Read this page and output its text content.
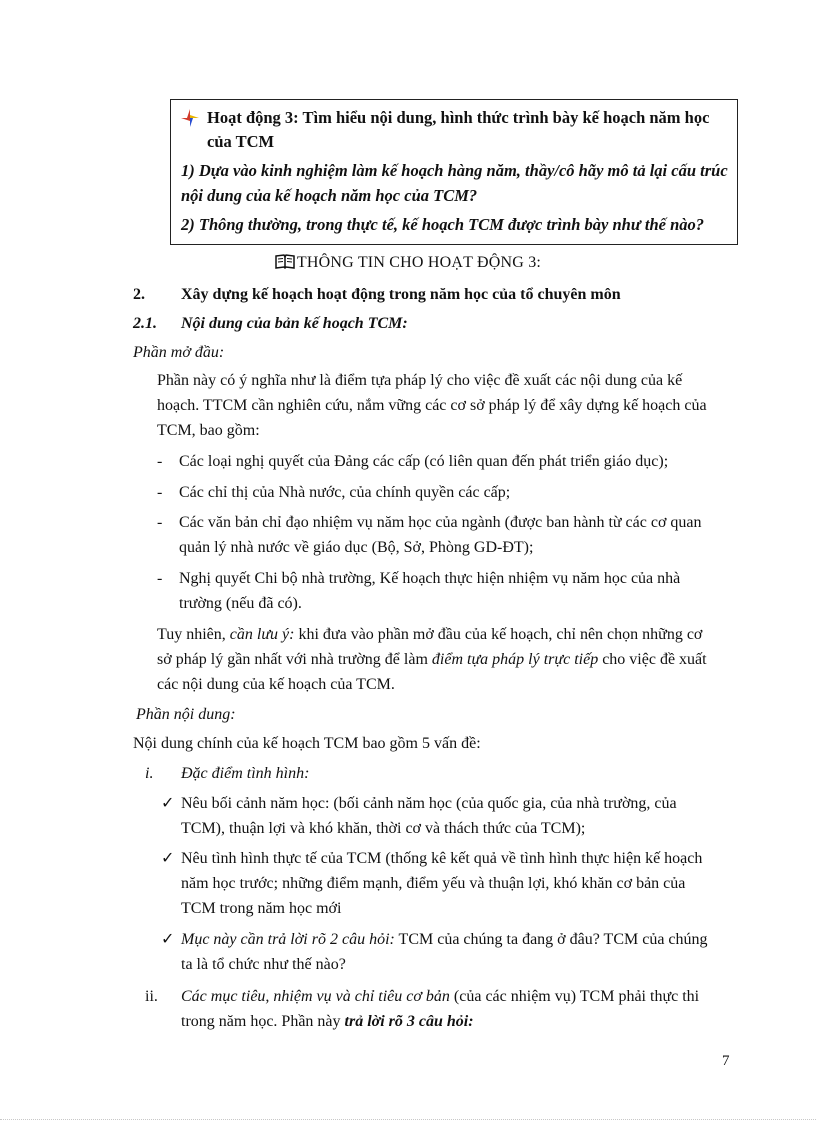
Hoạt động 3: Tìm hiểu nội dung, hình thức trình bày kế hoạch năm học của TCM
1) Dựa vào kinh nghiệm làm kế hoạch hàng năm, thầy/cô hãy mô tả lại cấu trúc nội dung của kế hoạch năm học của TCM?
2) Thông thường, trong thực tế, kế hoạch TCM được trình bày như thế nào?
THÔNG TIN CHO HOẠT ĐỘNG 3:
2. Xây dựng kế hoạch hoạt động trong năm học của tổ chuyên môn
2.1. Nội dung của bản kế hoạch TCM:
Phần mở đầu:
Phần này có ý nghĩa như là điểm tựa pháp lý cho việc đề xuất các nội dung của kế hoạch. TTCM cần nghiên cứu, nắm vững các cơ sở pháp lý để xây dựng kế hoạch của TCM, bao gồm:
- Các loại nghị quyết của Đảng các cấp (có liên quan đến phát triển giáo dục);
- Các chỉ thị của Nhà nước, của chính quyền các cấp;
- Các văn bản chỉ đạo nhiệm vụ năm học của ngành (được ban hành từ các cơ quan quản lý nhà nước về giáo dục (Bộ, Sở, Phòng GD-ĐT);
- Nghị quyết Chi bộ nhà trường, Kế hoạch thực hiện nhiệm vụ năm học của nhà trường (nếu đã có).
Tuy nhiên, cần lưu ý: khi đưa vào phần mở đầu của kế hoạch, chỉ nên chọn những cơ sở pháp lý gần nhất với nhà trường để làm điểm tựa pháp lý trực tiếp cho việc đề xuất các nội dung của kế hoạch của TCM.
Phần nội dung:
Nội dung chính của kế hoạch TCM bao gồm 5 vấn đề:
i. Đặc điểm tình hình:
✓ Nêu bối cảnh năm học: (bối cảnh năm học (của quốc gia, của nhà trường, của TCM), thuận lợi và khó khăn, thời cơ và thách thức của TCM);
✓ Nêu tình hình thực tế của TCM (thống kê kết quả về tình hình thực hiện kế hoạch năm học trước; những điểm mạnh, điểm yếu và thuận lợi, khó khăn cơ bản của TCM trong năm học mới
✓ Mục này cần trả lời rõ 2 câu hỏi: TCM của chúng ta đang ở đâu? TCM của chúng ta là tổ chức như thế nào?
ii. Các mục tiêu, nhiệm vụ và chỉ tiêu cơ bản (của các nhiệm vụ) TCM phải thực thi trong năm học. Phần này trả lời rõ 3 câu hỏi:
7
